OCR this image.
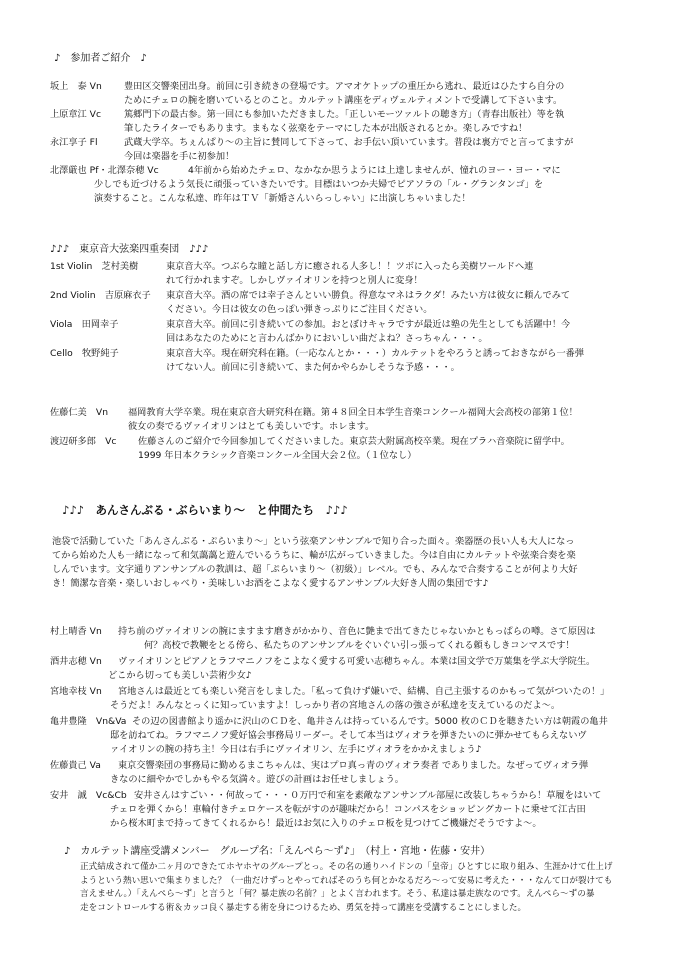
♪　参加者ご紹介　♪
坂上　泰 Vn 豊田区交響楽団出身。前回に引き続きの登場です。アマオケトップの重圧から逃れ、最近はひたすら自分の
ためにチェロの腕を磨いているとのこと。カルテット講座をディヴェルティメントで受講して下さいます。
上原章江 Vc 篤郷門下の最古参。第一回にも参加いただきました。「正しいモーツァルトの聴き方」（青春出版社）等を執
筆したライターでもあります。まもなく弦楽をテーマにした本が出版されるとか。楽しみですね！
永江享子 Fl	武蔵大学卒。ちぇんぱり～の主旨に賛同して下さって、お手伝い頂いています。普段は裏方でと言ってますが
今回は楽器を手に初参加！
北澤厳也 Pf・北澤奈穂 Vc	4年前から始めたチェロ、なかなか思うようには上達しませんが、憧れのヨー・ヨー・マに
少しでも近づけるよう気長に頑張っていきたいです。目標はいつか夫婦でピアソラの「ル・グランタンゴ」を
演奏すること。こんな私達、昨年はＴＶ「新婚さんいらっしゃい」に出演しちゃいました！
♪♪♪　東京音大弦楽四重奏団　♪♪♪
1st Violin　芝村美樹	東京音大卒。つぶらな瞳と話し方に癒される人多し！！ツボに入ったら美樹ワールドへ連
れて行かれますぞ。しかしヴァイオリンを持つと別人に変身！
2nd Violin　吉原麻衣子 東京音大卒。酒の席では幸子さんといい勝負。得意なマネはラクダ！みたい方は彼女に頼んでみて
ください。今日は彼女の色っぽい弾きっぷりにご注目ください。
Viola　田岡幸子	東京音大卒。前回に引き続いての参加。おとぼけキャラですが最近は塾の先生としても活躍中！今
回はあなたのためにと言わんばかりにおいしい曲だよね？さっちゃん・・・。
Cello　牧野純子	東京音大卒。現在研究科在籍。（一応なんとか・・・）カルテットをやろうと誘っておきながら一番弾
けてない人。前回に引き続いて、また何かやらかしそうな予感・・・。
佐藤仁美　Vn 福岡教育大学卒業。現在東京音大研究科在籍。第４８回全日本学生音楽コンクール福岡大会高校の部第１位！
彼女の奏でるヴァイオリンはとても美しいです。ホレます。
渡辺研多郎　Vc 佐藤さんのご紹介で今回参加してくださいました。東京芸大附属高校卒業。現在プラハ音楽院に留学中。
1999 年日本クラシック音楽コンクール全国大会２位。（１位なし）
♪♪♪　あんさんぶる・ぶらいまり～　と仲間たち　♪♪♪
池袋で活動していた「あんさんぶる・ぷらいまり～」という弦楽アンサンブルで知り合った面々。楽器歴の長い人も大人になっ
てから始めた人も一緒になって和気藹藹と遊んでいるうちに、輪が広がっていきました。今は自由にカルテットや弦楽合奏を楽
しんでいます。文字通りアンサンブルの教訓は、超「ぷらいまり～（初級）」レベル。でも、みんなで合奏することが何より大好
き！簡潔な音楽・楽しいおしゃべり・美味しいお酒をこよなく愛するアンサンブル大好き人間の集団です♪
村上晴香 Vn 持ち前のヴァイオリンの腕にますます磨きがかかり、音色に艶まで出てきたじゃないかともっぱらの噂。さて原因は
何？高校で教鞭をとる傍ら、私たちのアンサンブルをぐいぐい引っ張ってくれる頼もしきコンマスです！
酒井志穂 Vn ヴァイオリンとピアノとラフマニノフをこよなく愛する可愛い志穂ちゃん。本業は国文学で万葉集を学ぶ大学院生。
どこから切っても美しい芸術少女♪
宮地幸枝 Vn 宮地さんは最近とても楽しい発言をしました。「私って負けず嫌いで、結構、自己主張するのかもって気がついたの！」
そうだよ！みんなとっくに知っていますよ！しっかり者の宮地さんの落の強さが私達を支えているのだよ～。
亀井豊隆　Vn&Va その辺の図書館より遥かに沢山のＣＤを、亀井さんは持っているんです。5000 枚のＣＤを聴きたい方は朝霞の亀井
邸を訪ねてね。ラフマニノフ愛好協会事務局リーダー。そして本当はヴィオラを弾きたいのに弾かせてもらえないヴ
ァイオリンの腕の持ち主！今日は右手にヴァイオリン、左手にヴィオラをかかえましょう♪
佐藤貴己 Va 東京交響楽団の事務局に勤めるまこちゃんは、実はプロ真っ青のヴィオラ奏者 でありました。なぜってヴィオラ弾
きなのに細やかでしかもやる気満々。遊びの計画はお任せしましょう。
安井　誠　Vc&Cb 安井さんはすごい・・何故って・・・０万円で和室を素敵なアンサンブル部屋に改装しちゃうから！草履をはいて
チェロを弾くから！車輪付きチェロケースを転がすのが趣味だから！コンパスをショッピングカートに乗せて江古田
から桜木町まで持ってきてくれるから！最近はお気に入りのチェロ板を見つけてご機嫌だそうですよ～。
♪　カルテット講座受講メンバー　グループ名：「えんぺら～ず♪」　（村上・宮地・佐藤・安井）
正式結成されて僅か二ヶ月のできたてホヤホヤのグループとっ。その名の通りハイドンの「皇帝」ひとすじに取り組み、生涯かけて仕上げ
ようという熱い思いで集まりました？（一曲だけずっとやってればそのうち何とかなるだろ～って安易に考えた・・・なんて口が裂けても
言えません。）「えんぺら～ず」と言うと「何？暴走族の名前？」とよく言われます。そう、私達は暴走族なのです。えんぺら～ずの暴
走をコントロールする術＆カッコ良く暴走する術を身につけるため、勇気を持って講座を受講することにしました。
